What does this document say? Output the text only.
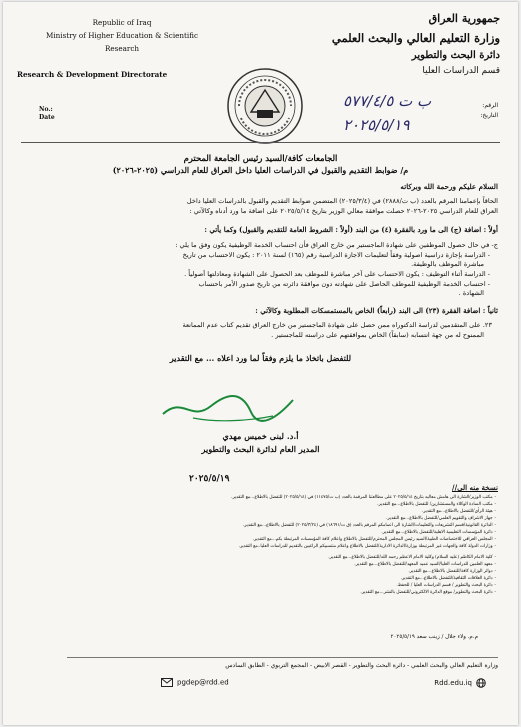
Republic of Iraq
Ministry of Higher Education & Scientific
Research
Research & Development Directorate
No.:
Date
جمهورية العراق
وزارة التعليم العالي والبحث العلمي
دائرة البحث والتطوير
قسم الدراسات العليا
الرقم:
التاريخ:
ب ت ٥٧٧/٤/٥
٢٠٢٥/٥/١٩
الجامعات كافة/السيد رئيس الجامعة المحترم
م/ ضوابط التقديم والقبول في الدراسات العليا داخل العراق للعام الدراسي (٢٠٢٥-٢٠٢٦)
السلام عليكم ورحمة الله وبركاته
الحاقاً بإعمامنا المرقم بالعدد (ب ت/٢٨٨٨) في (٢٠٢٥/٣/٤) المتضمن ضوابط التقديم والقبول بالدراسات العليا داخل
العراق للعام الدراسي ٢٠٢٥-٢٠٢٦ حصلت موافقة معالي الوزير بتاريخ ٢٠٢٥/٥/١٤ على اضافة ما ورد أدناه وكالآتي :
أولاً : اضافة (ج) الى ما ورد بالفقرة (٤) من البند (أولاً : الشروط العامة للتقديم والقبول) وكما يأتي :
ج- في حال حصول الموظفين على شهادة الماجستير من خارج العراق فأن احتساب الخدمة الوظيفية يكون وفق ما يلي :
- الدراسة بإجازة دراسية اصولية وفقاً لتعليمات الاجازة الدراسية رقم (١٦٥) لسنة ٢٠١١ : يكون الاحتساب من تاريخ
مباشرة الموظف بالوظيفة.
- الدراسة أثناء التوظيف : يكون الاحتساب على آخر مباشرة للموظف بعد الحصول على الشهادة ومعادلتها أصولياً .
- احتساب الخدمة الوظيفية للموظف الحاصل على شهادته دون موافقة دائرته من تاريخ صدور الأمر باحتساب
الشهادة .
ثانياً : اضافة الفقرة (٢٣) الى البند (رابعاً) الخاص بالمستمسكات المطلوبة وكالآتي :
٢٣. على المتقدمين لدراسة الدكتوراه ممن حصل على شهادة الماجستير من خارج العراق تقديم كتاب عدم الممانعة
الممنوح له من جهة انتسابه (سابقاً) الخاص بموافقتهم على دراسته للماجستير .
للتفضل باتخاذ ما يلزم وفقاً لما ورد اعلاه ... مع التقدير
أ.د. لبنى خميس مهدي
المدير العام لدائرة البحث والتطوير
٢٠٢٥/٥/١٩
نسخة منه الى//
- مكتب الوزير/الشارة الى هامش معاليه بتاريخ ٢٠٢٥/٥/١٤ على مطالعتنا المرقمة بالعدد (ب ت/١١٤٧٥) في (٢٠٢٥/٥/١٤) للتفضل بالاطلاع...مع التقدير.
- مكتب السادة الوكلاء والمستشارين/ للتفضل بالاطلاع...مع التقدير.
- هيئة الرأي/للتفضل بالاطلاع...مع التقدير.
- جهاز الاشراف والتقويم العلمي/للتفضل بالاطلاع...مع التقدير.
- الدائرة القانونية/قسم التشريعات والتعليمات/الشارة الى اعمامكم المرقم بالعدد (ق ت/١٨٦٩١) في (٢٠٢٥/٣/٢٤) للتفضل بالاطلاع...مع التقدير.
- دائرة المؤسسات التعليمية الاهلية/للتفضل بالاطلاع...مع التقدير.
- المجلس العراقي للاختصاصات الطبية/السيد رئيس المجلس المحترم/للتفضل بالاطلاع واعلام كافة المؤسسات المرتبطة بكم...مع التقدير.
- وزارات الدولة كافة والجهات غير المرتبطة بوزارة/الدائرة الادارية/للتفضل بالاطلاع واعلام منتسبيكم الراغبين بالتقديم للدراسات العليا..مع التقدير.
- كلية الامام الكاظم (عليه السلام) وكلية الامام الاعظم رحمه الله/للتفضل بالاطلاع...مع التقدير.
- معهد العلمين للدراسات العليا/السيد عميد المعهد/للتفضل بالاطلاع...مع التقدير.
- دوائر الوزارة كافة/للتفضل بالاطلاع...مع التقدير.
- دائرة العلاقات الثقافية/للتفضل بالاطلاع...مع التقدير.
- دائرة البحث والتطوير / قسم الدراسات العليا / للحفظ.
- دائرة البحث والتطوير/ موقع الدائرة الالكتروني/للتفضل بالنشر...مع التقدير.
م.م. ولاء جلال / زينب سعد ٢٠٢٥/٥/١٩
وزارة التعليم العالي والبحث العلمي - دائرة البحث والتطوير - القصر الابيض - المجمع التربوي - الطابق السادس
pgdep@rdd.ed	Rdd.edu.iq
